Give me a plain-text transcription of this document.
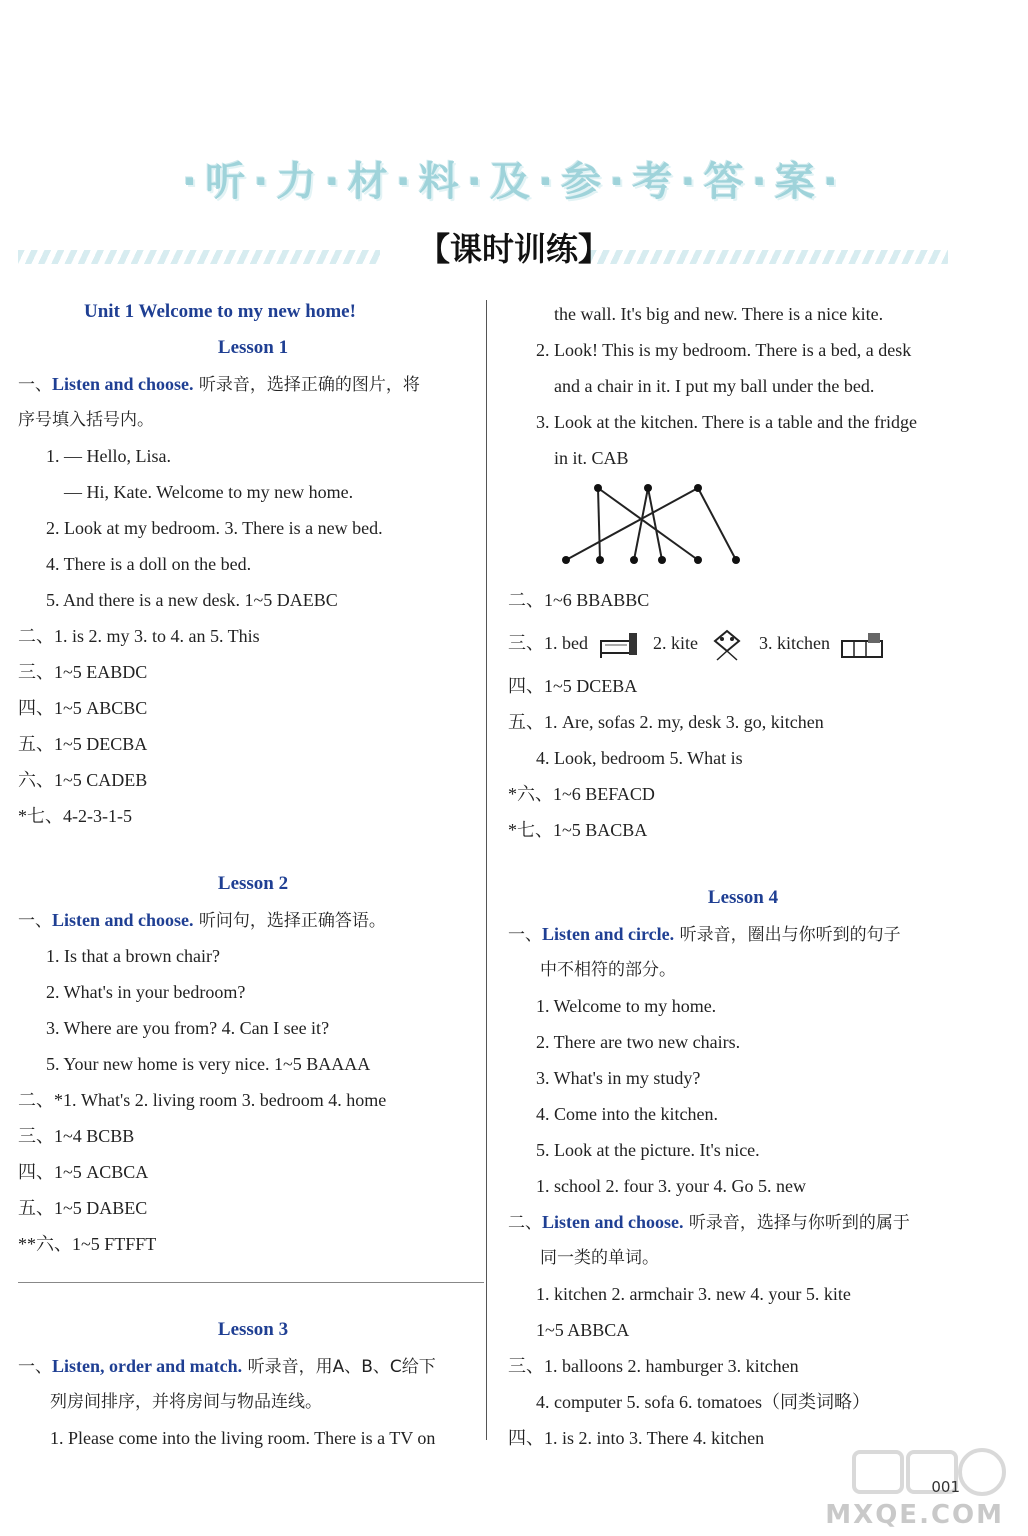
·听·力·材·料·及·参·考·答·案·
【课时训练】
Unit 1 Welcome to my new home!
Lesson 1
一、Listen and choose. 听录音，选择正确的图片，将
序号填入括号内。
1. — Hello, Lisa.
— Hi, Kate. Welcome to my new home.
2. Look at my bedroom. 3. There is a new bed.
4. There is a doll on the bed.
5. And there is a new desk. 1~5 DAEBC
二、1. is 2. my 3. to 4. an 5. This
三、1~5 EABDC
四、1~5 ABCBC
五、1~5 DECBA
六、1~5 CADEB
*七、4-2-3-1-5
Lesson 2
一、Listen and choose. 听问句，选择正确答语。
1. Is that a brown chair?
2. What's in your bedroom?
3. Where are you from? 4. Can I see it?
5. Your new home is very nice. 1~5 BAAAA
二、*1. What's 2. living room 3. bedroom 4. home
三、1~4 BCBB
四、1~5 ACBCA
五、1~5 DABEC
**六、1~5 FTFFT
Lesson 3
一、Listen, order and match. 听录音，用A、B、C给下
列房间排序，并将房间与物品连线。
1. Please come into the living room. There is a TV on
the wall. It's big and new. There is a nice kite.
2. Look! This is my bedroom. There is a bed, a desk
and a chair in it. I put my ball under the bed.
3. Look at the kitchen. There is a table and the fridge
in it. CAB
二、1~6 BBABBC
三、1. bed	2. kite	3. kitchen
四、1~5 DCEBA
五、1. Are, sofas 2. my, desk 3. go, kitchen
4. Look, bedroom 5. What is
*六、1~6 BEFACD
*七、1~5 BACBA
Lesson 4
一、Listen and circle. 听录音，圈出与你听到的句子
中不相符的部分。
1. Welcome to my home.
2. There are two new chairs.
3. What's in my study?
4. Come into the kitchen.
5. Look at the picture. It's nice.
1. school 2. four 3. your 4. Go 5. new
二、Listen and choose. 听录音，选择与你听到的属于
同一类的单词。
1. kitchen 2. armchair 3. new 4. your 5. kite
1~5 ABBCA
三、1. balloons 2. hamburger 3. kitchen
4. computer 5. sofa 6. tomatoes（同类词略）
四、1. is 2. into 3. There 4. kitchen
MXQE.COM
001
